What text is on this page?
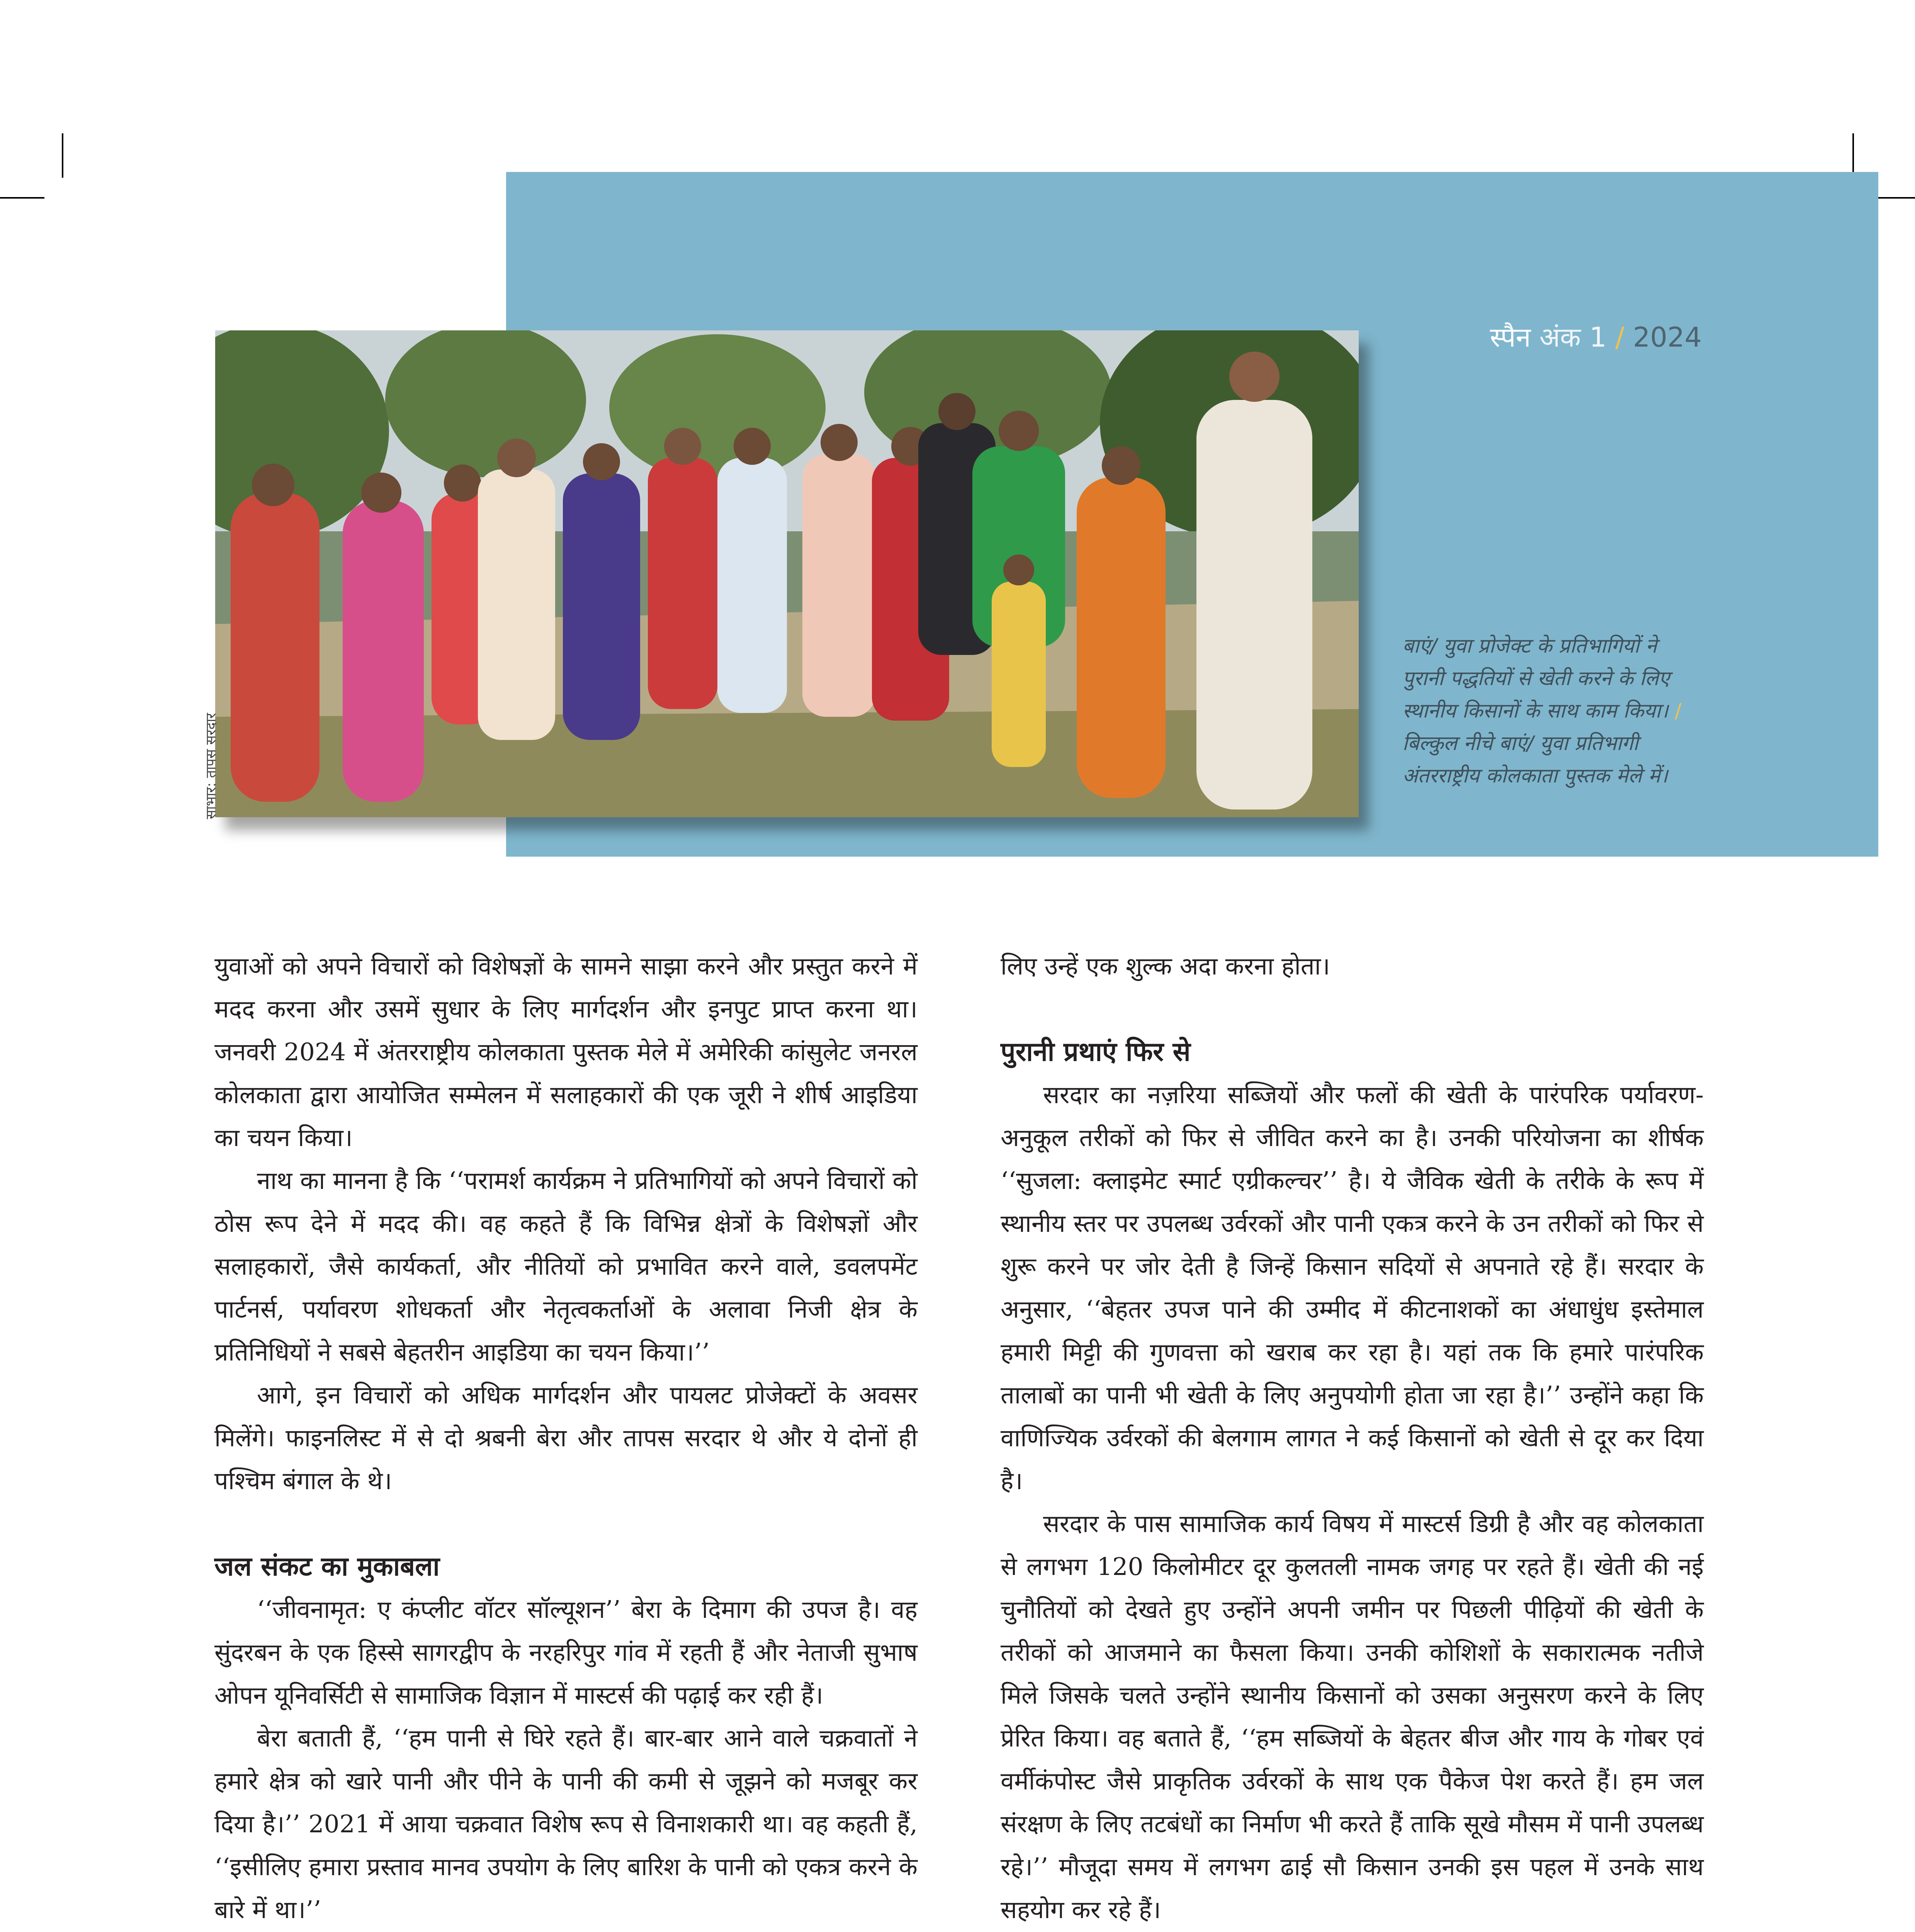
स्पैन अंक 1 / 2024
साभार: तापस सरदार
बाएं/ युवा प्रोजेक्ट के प्रतिभागियों ने पुरानी पद्धतियों से खेती करने के लिए स्थानीय किसानों के साथ काम किया। / बिल्कुल नीचे बाएं/ युवा प्रतिभागी अंतरराष्ट्रीय कोलकाता पुस्तक मेले में।

युवाओं को अपने विचारों को विशेषज्ञों के सामने साझा करने और प्रस्तुत करने में मदद करना और उसमें सुधार के लिए मार्गदर्शन और इनपुट प्राप्त करना था। जनवरी 2024 में अंतरराष्ट्रीय कोलकाता पुस्तक मेले में अमेरिकी कांसुलेट जनरल कोलकाता द्वारा आयोजित सम्मेलन में सलाहकारों की एक जूरी ने शीर्ष आइडिया का चयन किया।

नाथ का मानना है कि ‘‘परामर्श कार्यक्रम ने प्रतिभागियों को अपने विचारों को ठोस रूप देने में मदद की। वह कहते हैं कि विभिन्न क्षेत्रों के विशेषज्ञों और सलाहकारों, जैसे कार्यकर्ता, और नीतियों को प्रभावित करने वाले, डवलपमेंट पार्टनर्स, पर्यावरण शोधकर्ता और नेतृत्वकर्ताओं के अलावा निजी क्षेत्र के प्रतिनिधियों ने सबसे बेहतरीन आइडिया का चयन किया।’’

आगे, इन विचारों को अधिक मार्गदर्शन और पायलट प्रोजेक्टों के अवसर मिलेंगे। फाइनलिस्ट में से दो श्रबनी बेरा और तापस सरदार थे और ये दोनों ही पश्चिम बंगाल के थे।

जल संकट का मुकाबला

‘‘जीवनामृत: ए कंप्लीट वॉटर सॉल्यूशन’’ बेरा के दिमाग की उपज है। वह सुंदरबन के एक हिस्से सागरद्वीप के नरहरिपुर गांव में रहती हैं और नेताजी सुभाष ओपन यूनिवर्सिटी से सामाजिक विज्ञान में मास्टर्स की पढ़ाई कर रही हैं।

बेरा बताती हैं, ‘‘हम पानी से घिरे रहते हैं। बार-बार आने वाले चक्रवातों ने हमारे क्षेत्र को खारे पानी और पीने के पानी की कमी से जूझने को मजबूर कर दिया है।’’ 2021 में आया चक्रवात विशेष रूप से विनाशकारी था। वह कहती हैं, ‘‘इसीलिए हमारा प्रस्ताव मानव उपयोग के लिए बारिश के पानी को एकत्र करने के बारे में था।’’

लिए उन्हें एक शुल्क अदा करना होता।

पुरानी प्रथाएं फिर से

सरदार का नज़रिया सब्जियों और फलों की खेती के पारंपरिक पर्यावरण-अनुकूल तरीकों को फिर से जीवित करने का है। उनकी परियोजना का शीर्षक ‘‘सुजला: क्लाइमेट स्मार्ट एग्रीकल्चर’’ है। ये जैविक खेती के तरीके के रूप में स्थानीय स्तर पर उपलब्ध उर्वरकों और पानी एकत्र करने के उन तरीकों को फिर से शुरू करने पर जोर देती है जिन्हें किसान सदियों से अपनाते रहे हैं। सरदार के अनुसार, ‘‘बेहतर उपज पाने की उम्मीद में कीटनाशकों का अंधाधुंध इस्तेमाल हमारी मिट्टी की गुणवत्ता को खराब कर रहा है। यहां तक कि हमारे पारंपरिक तालाबों का पानी भी खेती के लिए अनुपयोगी होता जा रहा है।’’ उन्होंने कहा कि वाणिज्यिक उर्वरकों की बेलगाम लागत ने कई किसानों को खेती से दूर कर दिया है।

सरदार के पास सामाजिक कार्य विषय में मास्टर्स डिग्री है और वह कोलकाता से लगभग 120 किलोमीटर दूर कुलतली नामक जगह पर रहते हैं। खेती की नई चुनौतियों को देखते हुए उन्होंने अपनी जमीन पर पिछली पीढ़ियों की खेती के तरीकों को आजमाने का फैसला किया। उनकी कोशिशों के सकारात्मक नतीजे मिले जिसके चलते उन्होंने स्थानीय किसानों को उसका अनुसरण करने के लिए प्रेरित किया। वह बताते हैं, ‘‘हम सब्जियों के बेहतर बीज और गाय के गोबर एवं वर्मीकंपोस्ट जैसे प्राकृतिक उर्वरकों के साथ एक पैकेज पेश करते हैं। हम जल संरक्षण के लिए तटबंधों का निर्माण भी करते हैं ताकि सूखे मौसम में पानी उपलब्ध रहे।’’ मौजूदा समय में लगभग ढाई सौ किसान उनकी इस पहल में उनके साथ सहयोग कर रहे हैं।
